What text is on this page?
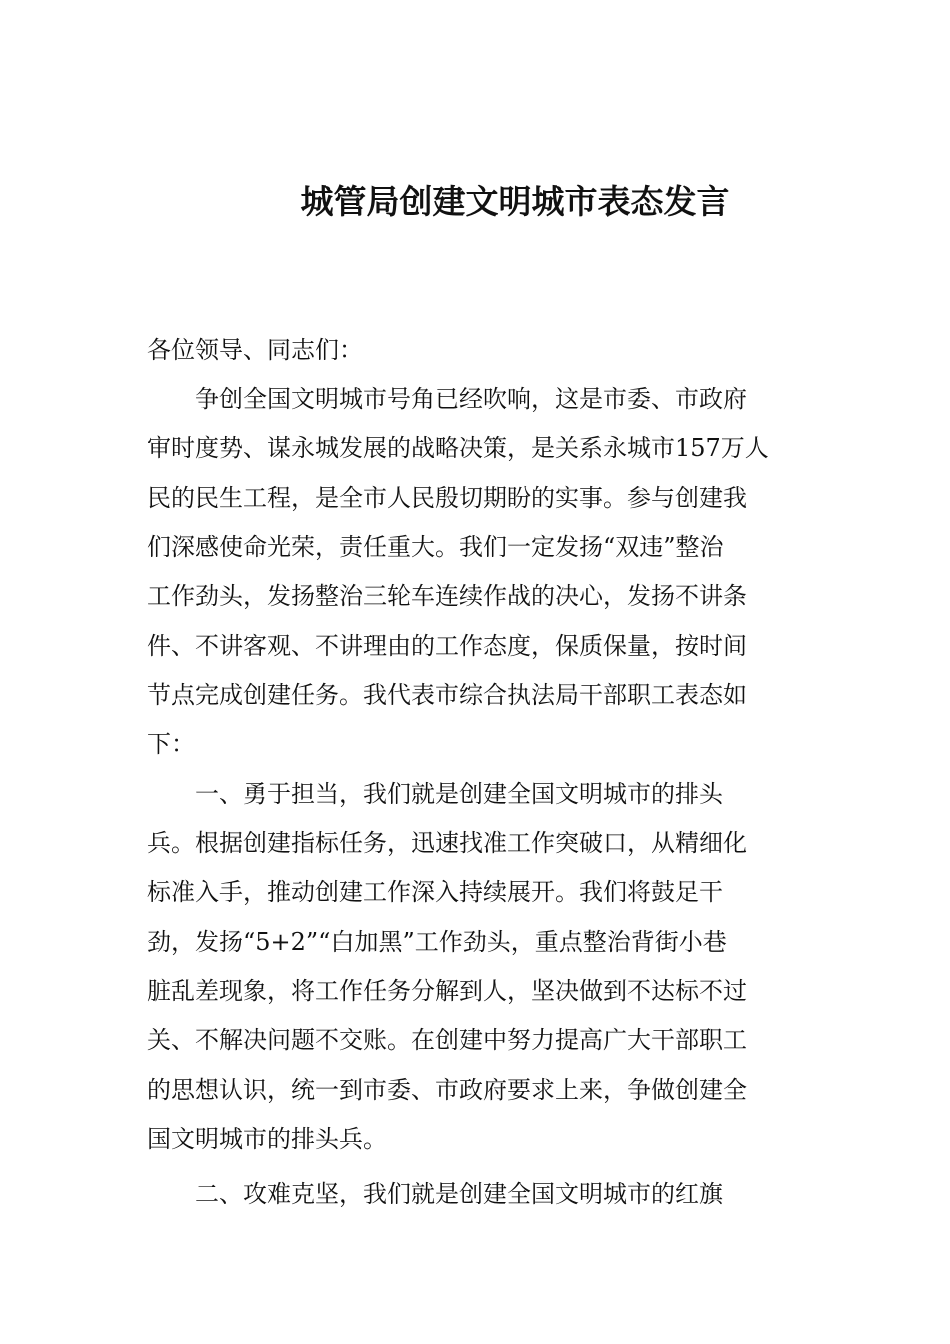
城管局创建文明城市表态发言

各位领导、同志们：

　　争创全国文明城市号角已经吹响，这是市委、市政府

审时度势、谋永城发展的战略决策，是关系永城市157万人

民的民生工程，是全市人民殷切期盼的实事。参与创建我

们深感使命光荣，责任重大。我们一定发扬“双违”整治

工作劲头，发扬整治三轮车连续作战的决心，发扬不讲条

件、不讲客观、不讲理由的工作态度，保质保量，按时间

节点完成创建任务。我代表市综合执法局干部职工表态如

下：

　　一、勇于担当，我们就是创建全国文明城市的排头

兵。根据创建指标任务，迅速找准工作突破口，从精细化

标准入手，推动创建工作深入持续展开。我们将鼓足干

劲，发扬“5+2”“白加黑”工作劲头，重点整治背街小巷

脏乱差现象，将工作任务分解到人，坚决做到不达标不过

关、不解决问题不交账。在创建中努力提高广大干部职工

的思想认识，统一到市委、市政府要求上来，争做创建全

国文明城市的排头兵。

　　二、攻难克坚，我们就是创建全国文明城市的红旗
